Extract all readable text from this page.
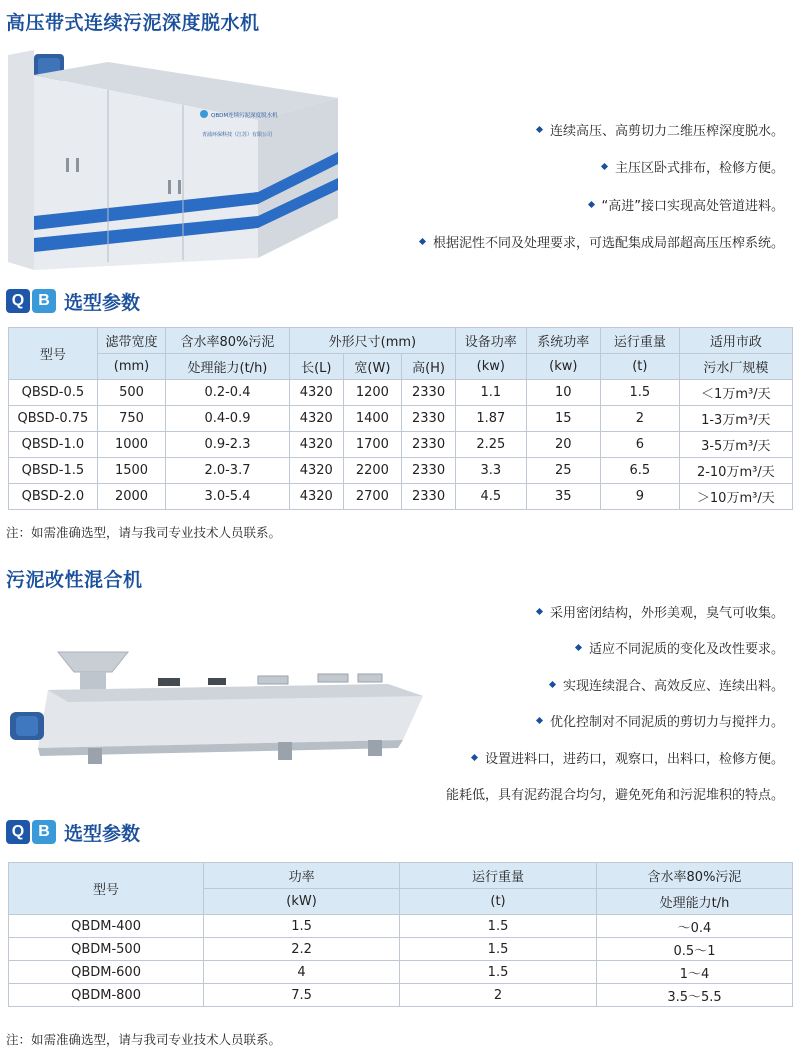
高压带式连续污泥深度脱水机
QBDM连续污泥深度脱水机
青浦环保科技（江苏）有限公司	连续高压、高剪切力二维压榨深度脱水。
主压区卧式排布，检修方便。
“高进”接口实现高处管道进料。
根据泥性不同及处理要求，可选配集成局部超高压压榨系统。
Q B 选型参数
型号	滤带宽度	含水率80%污泥	外形尺寸(mm)			设备功率	系统功率	运行重量	适用市政
	(mm)	处理能力(t/h)	长(L)	宽(W)	高(H)	(kw)	(kw)	(t)	污水厂规模
QBSD-0.5	500	0.2-0.4	4320	1200	2330	1.1	10	1.5	＜1万m³/天
QBSD-0.75	750	0.4-0.9	4320	1400	2330	1.87	15	2	1-3万m³/天
QBSD-1.0	1000	0.9-2.3	4320	1700	2330	2.25	20	6	3-5万m³/天
QBSD-1.5	1500	2.0-3.7	4320	2200	2330	3.3	25	6.5	2-10万m³/天
QBSD-2.0	2000	3.0-5.4	4320	2700	2330	4.5	35	9	＞10万m³/天
注：如需准确选型，请与我司专业技术人员联系。
污泥改性混合机
采用密闭结构，外形美观，臭气可收集。
适应不同泥质的变化及改性要求。
实现连续混合、高效反应、连续出料。
优化控制对不同泥质的剪切力与搅拌力。
设置进料口，进药口，观察口，出料口，检修方便。
能耗低，具有泥药混合均匀，避免死角和污泥堆积的特点。
Q B 选型参数
型号	功率	运行重量	含水率80%污泥
	(kW)	(t)	处理能力t/h
QBDM-400	1.5	1.5	～0.4
QBDM-500	2.2	1.5	0.5～1
QBDM-600	4	1.5	1～4
QBDM-800	7.5	2	3.5～5.5
注：如需准确选型，请与我司专业技术人员联系。
